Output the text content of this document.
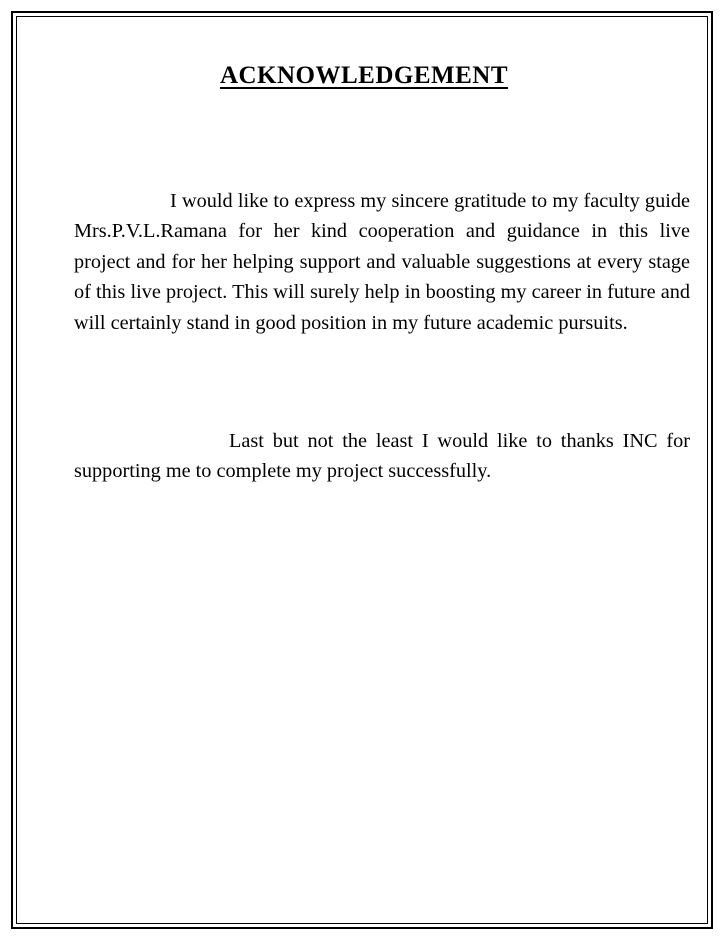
ACKNOWLEDGEMENT

I would like to express my sincere gratitude to my faculty guide Mrs.P.V.L.Ramana for her kind cooperation and guidance in this live project and for her helping support and valuable suggestions at every stage of this live project. This will surely help in boosting my career in future and will certainly stand in good position in my future academic pursuits.

Last but not the least I would like to thanks INC for supporting me to complete my project successfully.
